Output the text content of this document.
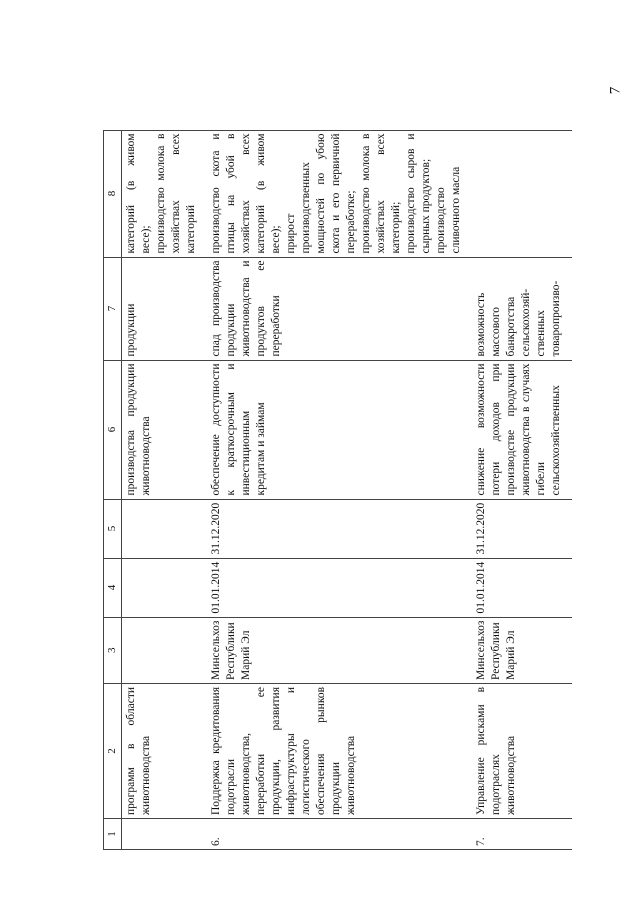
7
1	2	3	4	5	6	7	8
	программ в области животноводства				производства продукции животноводства	продукции	категорий (в живом весе);
производство молока в хозяйствах всех категорий
6.	Поддержка кредитования подотрасли животноводства, переработки ее продукции, развития инфраструктуры и логистического обеспечения рынков продукции животноводства	Минсельхоз Республики Марий Эл	01.01.2014	31.12.2020	обеспечение доступности к краткосрочным и инвестиционным кредитам и займам	спад производства продукции животноводства и продуктов ее переработки	производство скота и птицы на убой в хозяйствах всех категорий (в живом весе);
прирост производственных мощностей по убою скота и его первичной переработке;
производство молока в хозяйствах всех категорий;
производство сыров и сырных продуктов;
производство сливочного масла
7.	Управление рисками в подотраслях животноводства	Минсельхоз Республики Марий Эл	01.01.2014	31.12.2020	снижение возможности потери доходов при производстве продукции животноводства в случаях гибели сельскохозяйственных	возможность массового банкротства сельскохозяй-ственных товаропроизво-	
